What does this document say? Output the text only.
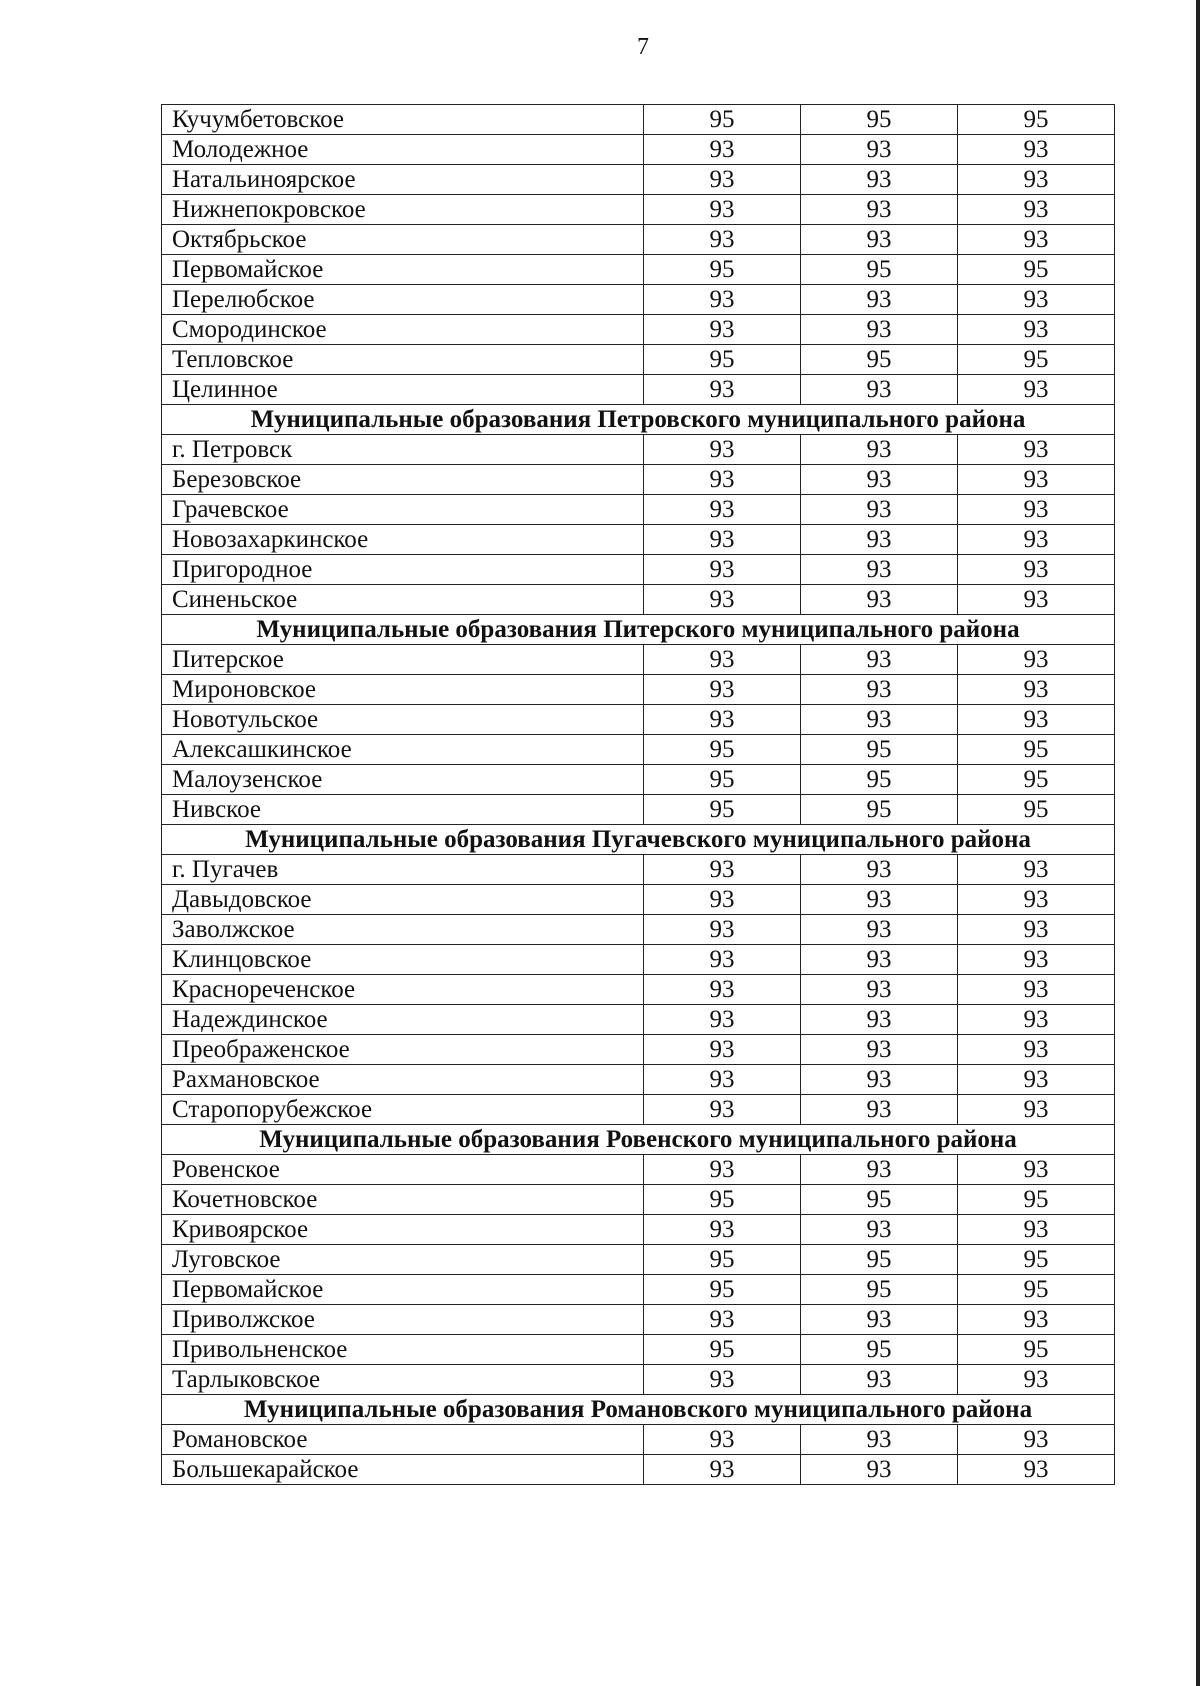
7
Кучумбетовское	95	95	95
Молодежное	93	93	93
Натальиноярское	93	93	93
Нижнепокровское	93	93	93
Октябрьское	93	93	93
Первомайское	95	95	95
Перелюбское	93	93	93
Смородинское	93	93	93
Тепловское	95	95	95
Целинное	93	93	93
Муниципальные образования Петровского муниципального района			
г. Петровск	93	93	93
Березовское	93	93	93
Грачевское	93	93	93
Новозахаркинское	93	93	93
Пригородное	93	93	93
Синеньское	93	93	93
Муниципальные образования Питерского муниципального района			
Питерское	93	93	93
Мироновское	93	93	93
Новотульское	93	93	93
Алексашкинское	95	95	95
Малоузенское	95	95	95
Нивское	95	95	95
Муниципальные образования Пугачевского муниципального района			
г. Пугачев	93	93	93
Давыдовское	93	93	93
Заволжское	93	93	93
Клинцовское	93	93	93
Краснореченское	93	93	93
Надеждинское	93	93	93
Преображенское	93	93	93
Рахмановское	93	93	93
Старопорубежское	93	93	93
Муниципальные образования Ровенского муниципального района			
Ровенское	93	93	93
Кочетновское	95	95	95
Кривоярское	93	93	93
Луговское	95	95	95
Первомайское	95	95	95
Приволжское	93	93	93
Привольненское	95	95	95
Тарлыковское	93	93	93
Муниципальные образования Романовского муниципального района			
Романовское	93	93	93
Большекарайское	93	93	93
